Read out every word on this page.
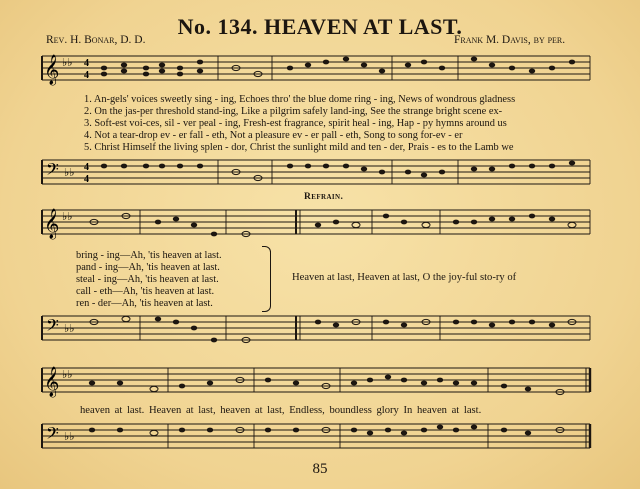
No. 134. HEAVEN AT LAST.
Rev. H. Bonar, D. D.	Frank M. Davis, by per.
𝄞 ♭♭ 4
4
1. An-gels' voices sweetly sing - ing, Echoes thro' the blue dome ring - ing, News of wondrous gladness
2. On the jas-per threshold stand-ing, Like a pilgrim safely land-ing, See the strange bright scene ex-
3. Soft-est voi-ces, sil - ver peal - ing, Fresh-est fragrance, spirit heal - ing, Hap - py hymns around us
4. Not a tear-drop ev - er fall - eth, Not a pleasure ev - er pall - eth, Song to song for-ev - er
5. Christ Himself the living splen - dor, Christ the sunlight mild and ten - der, Prais - es to the Lamb we
𝄢 ♭♭ 4
4
Refrain.
𝄞 ♭♭
bring - ing—Ah, 'tis heaven at last.
pand - ing—Ah, 'tis heaven at last.
steal - ing—Ah, 'tis heaven at last.
call - eth—Ah, 'tis heaven at last.
ren - der—Ah, 'tis heaven at last.
Heaven at last, Heaven at last, O the joy-ful sto-ry of
𝄢 ♭♭
𝄞 ♭♭
heaven at last. Heaven at last, heaven at last, Endless, boundless glory In heaven at last.
𝄢 ♭♭
85
